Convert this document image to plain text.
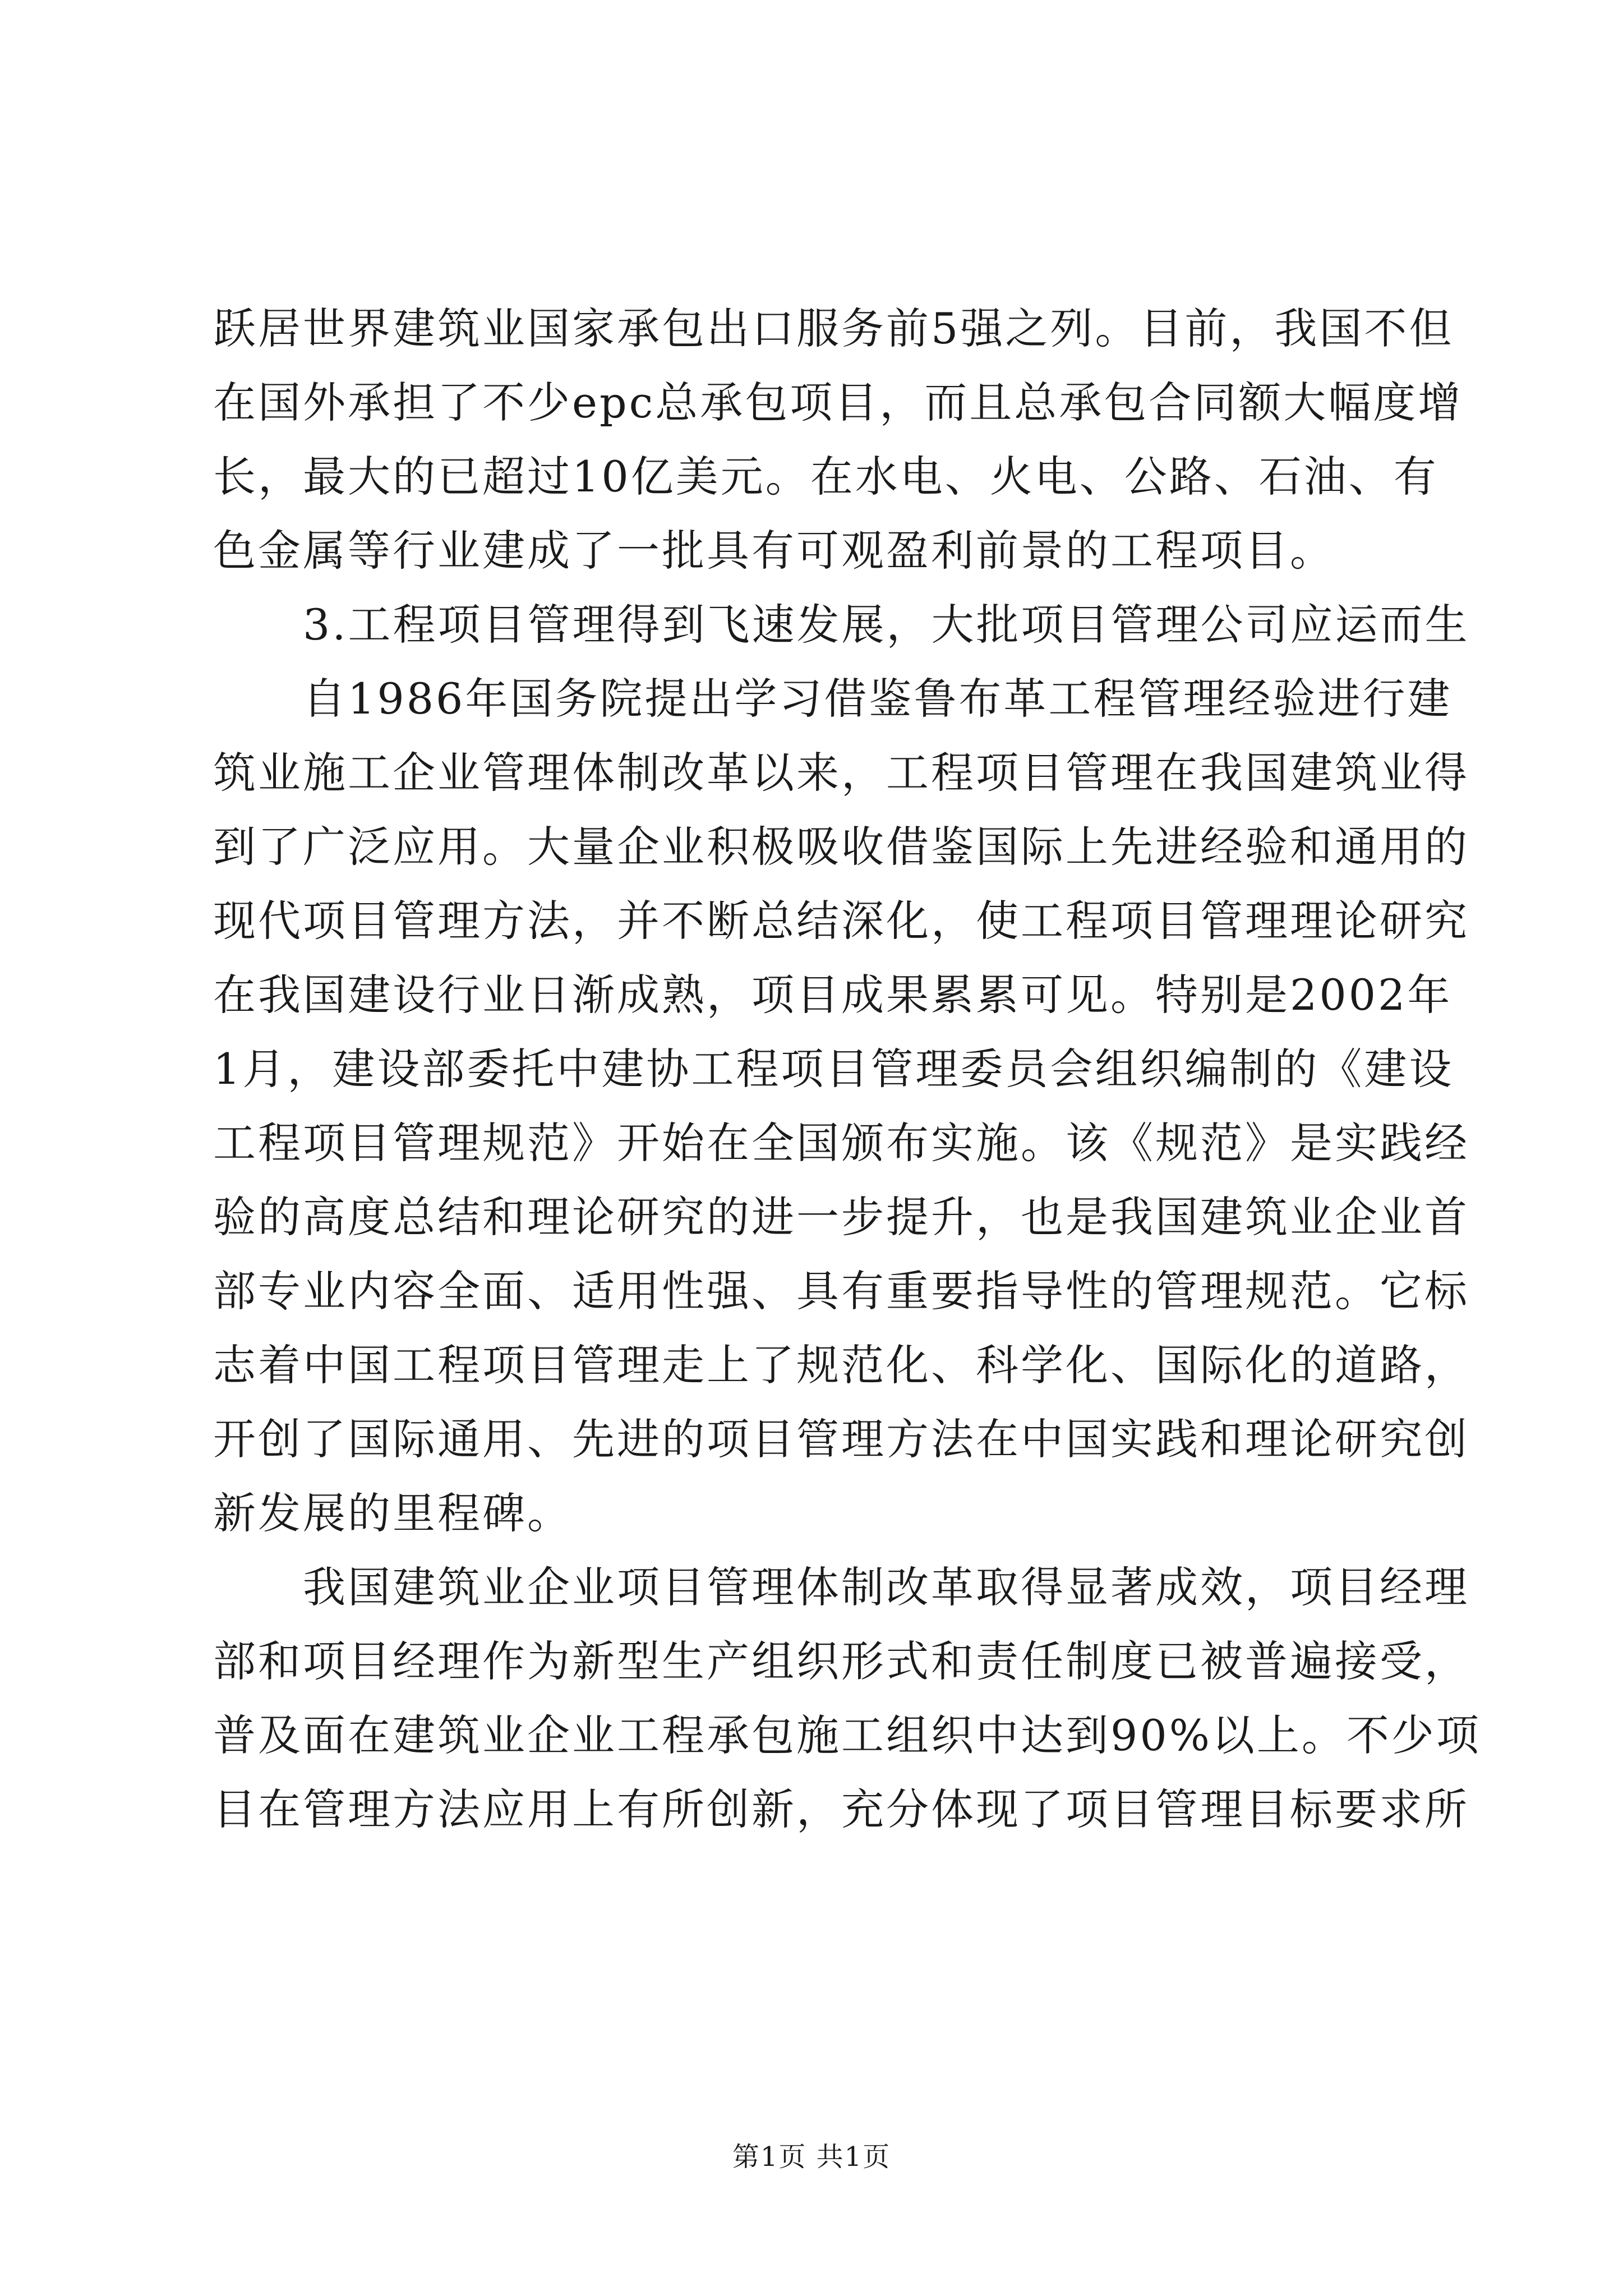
跃居世界建筑业国家承包出口服务前5强之列。目前，我国不但
在国外承担了不少epc总承包项目，而且总承包合同额大幅度增
长，最大的已超过10亿美元。在水电、火电、公路、石油、有
色金属等行业建成了一批具有可观盈利前景的工程项目。
3.工程项目管理得到飞速发展，大批项目管理公司应运而生
自1986年国务院提出学习借鉴鲁布革工程管理经验进行建
筑业施工企业管理体制改革以来，工程项目管理在我国建筑业得
到了广泛应用。大量企业积极吸收借鉴国际上先进经验和通用的
现代项目管理方法，并不断总结深化，使工程项目管理理论研究
在我国建设行业日渐成熟，项目成果累累可见。特别是2002年
1月，建设部委托中建协工程项目管理委员会组织编制的《建设
工程项目管理规范》开始在全国颁布实施。该《规范》是实践经
验的高度总结和理论研究的进一步提升，也是我国建筑业企业首
部专业内容全面、适用性强、具有重要指导性的管理规范。它标
志着中国工程项目管理走上了规范化、科学化、国际化的道路，
开创了国际通用、先进的项目管理方法在中国实践和理论研究创
新发展的里程碑。
我国建筑业企业项目管理体制改革取得显著成效，项目经理
部和项目经理作为新型生产组织形式和责任制度已被普遍接受，
普及面在建筑业企业工程承包施工组织中达到90%以上。不少项
目在管理方法应用上有所创新，充分体现了项目管理目标要求所
第1页 共1页
